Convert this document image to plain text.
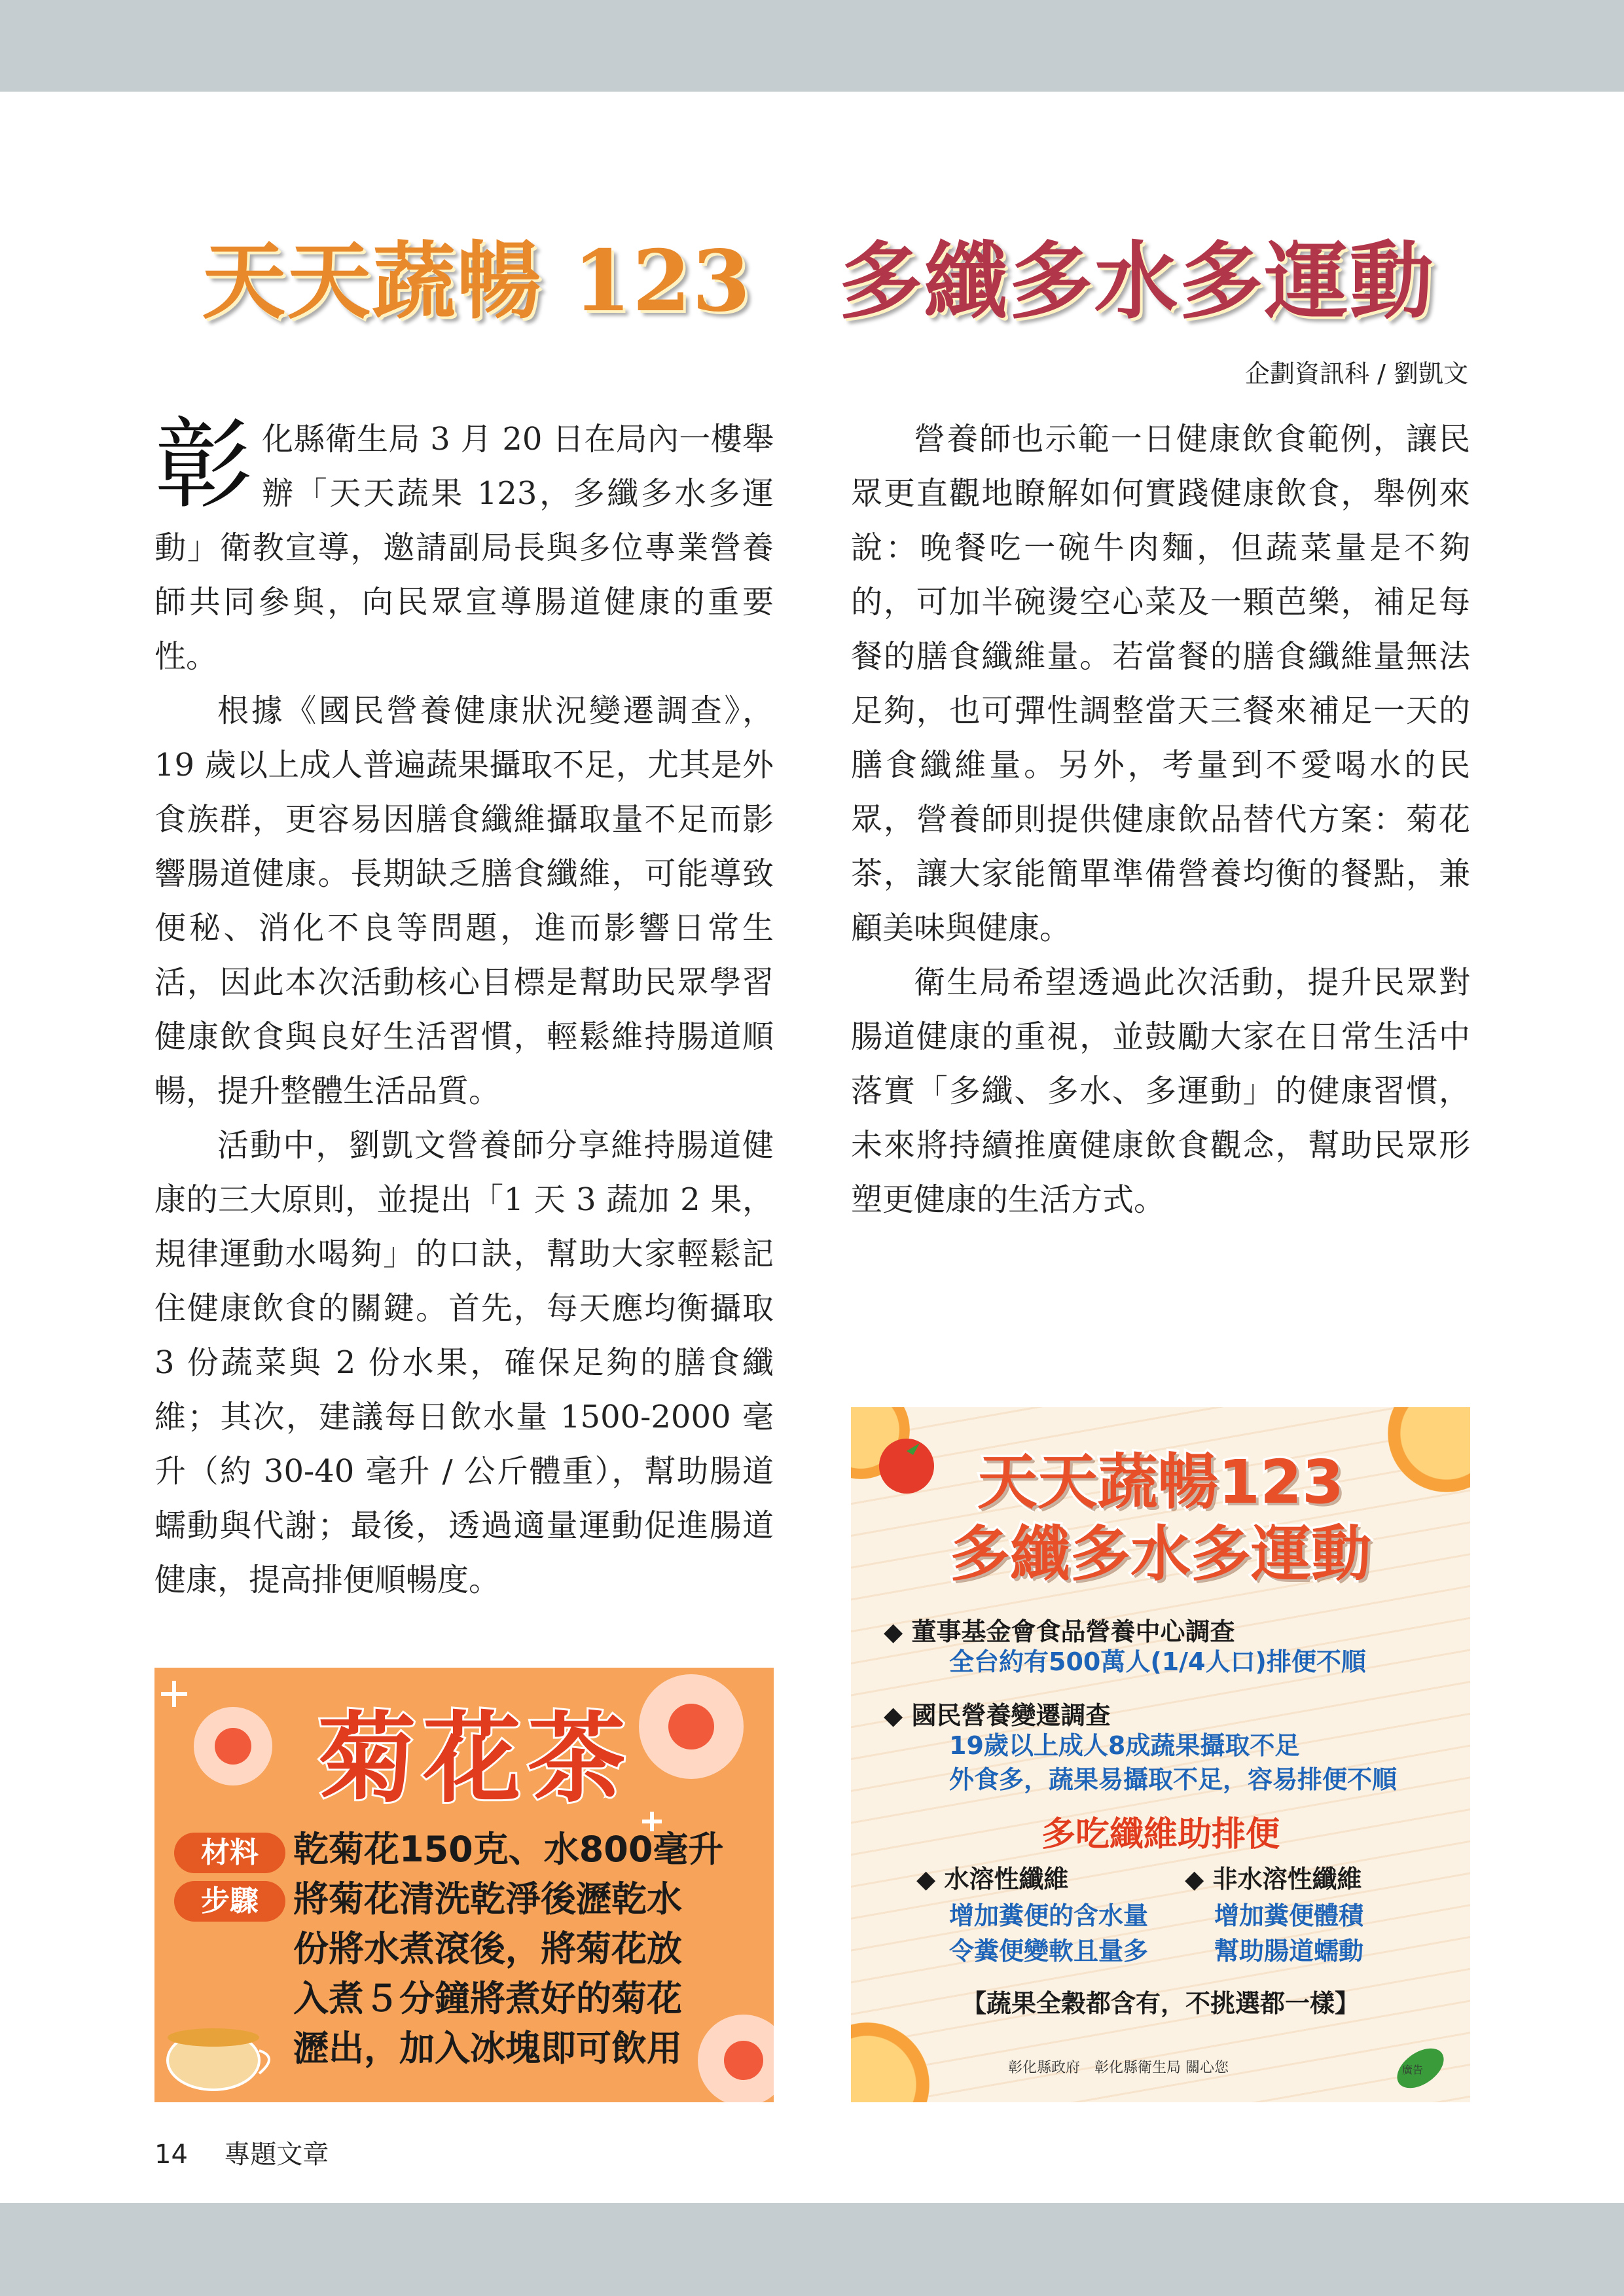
天天蔬暢 123 多纖多水多運動
企劃資訊科 / 劉凱文

彰化縣衛生局 3 月 20 日在局內一樓舉辦「天天蔬果 123，多纖多水多運動」衛教宣導，邀請副局長與多位專業營養師共同參與，向民眾宣導腸道健康的重要性。

根據《國民營養健康狀況變遷調查》，19 歲以上成人普遍蔬果攝取不足，尤其是外食族群，更容易因膳食纖維攝取量不足而影響腸道健康。長期缺乏膳食纖維，可能導致便秘、消化不良等問題，進而影響日常生活，因此本次活動核心目標是幫助民眾學習健康飲食與良好生活習慣，輕鬆維持腸道順暢，提升整體生活品質。

活動中，劉凱文營養師分享維持腸道健康的三大原則，並提出「1 天 3 蔬加 2 果，規律運動水喝夠」的口訣，幫助大家輕鬆記住健康飲食的關鍵。首先，每天應均衡攝取 3 份蔬菜與 2 份水果，確保足夠的膳食纖維；其次，建議每日飲水量 1500-2000 毫升（約 30-40 毫升 / 公斤體重），幫助腸道蠕動與代謝；最後，透過適量運動促進腸道健康，提高排便順暢度。

營養師也示範一日健康飲食範例，讓民眾更直觀地瞭解如何實踐健康飲食，舉例來說：晚餐吃一碗牛肉麵，但蔬菜量是不夠的，可加半碗燙空心菜及一顆芭樂，補足每餐的膳食纖維量。若當餐的膳食纖維量無法足夠，也可彈性調整當天三餐來補足一天的膳食纖維量。另外，考量到不愛喝水的民眾，營養師則提供健康飲品替代方案：菊花茶，讓大家能簡單準備營養均衡的餐點，兼顧美味與健康。

衛生局希望透過此次活動，提升民眾對腸道健康的重視，並鼓勵大家在日常生活中落實「多纖、多水、多運動」的健康習慣，未來將持續推廣健康飲食觀念，幫助民眾形塑更健康的生活方式。

菊花茶
材料
步驟
乾菊花150克、水800毫升
將菊花清洗乾淨後瀝乾水
份將水煮滾後，將菊花放
入煮５分鐘將煮好的菊花
瀝出，加入冰塊即可飲用
天天蔬暢123
多纖多水多運動
◆ 董事基金會食品營養中心調查
全台約有500萬人(1/4人口)排便不順
◆ 國民營養變遷調查
19歲以上成人8成蔬果攝取不足
外食多，蔬果易攝取不足，容易排便不順
多吃纖維助排便
◆ 水溶性纖維
增加糞便的含水量
令糞便變軟且量多
◆ 非水溶性纖維
增加糞便體積
幫助腸道蠕動
【蔬果全穀都含有，不挑選都一樣】
彰化縣政府　彰化縣衛生局 關心您	廣告
14 專題文章
